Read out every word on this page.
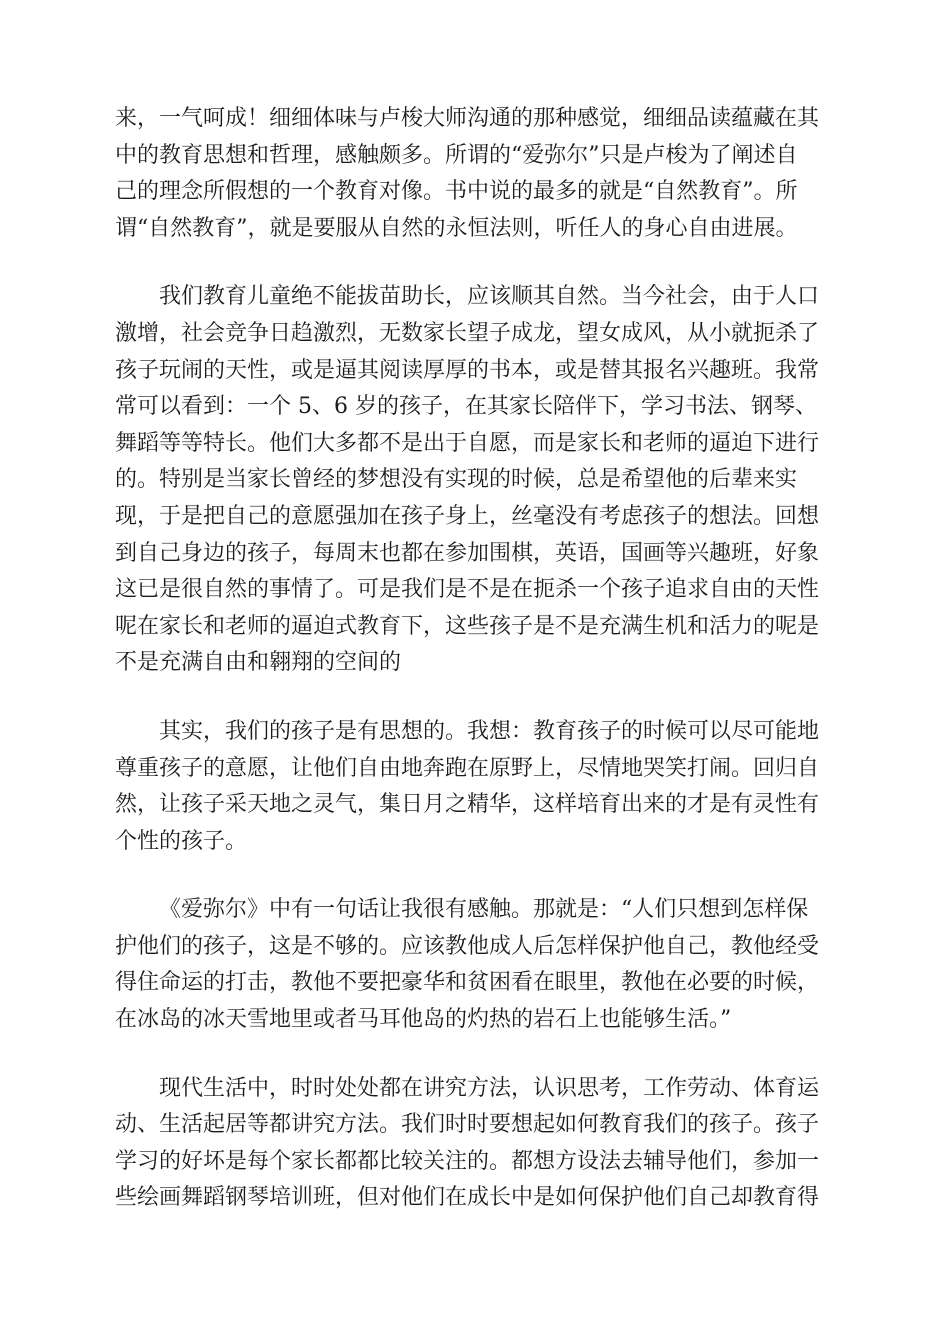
来，一气呵成！细细体味与卢梭大师沟通的那种感觉，细细品读蕴藏在其
中的教育思想和哲理，感触颇多。所谓的“爱弥尔”只是卢梭为了阐述自
己的理念所假想的一个教育对像。书中说的最多的就是“自然教育”。所
谓“自然教育”，就是要服从自然的永恒法则，听任人的身心自由进展。
我们教育儿童绝不能拔苗助长，应该顺其自然。当今社会，由于人口
激增，社会竞争日趋激烈，无数家长望子成龙，望女成风，从小就扼杀了
孩子玩闹的天性，或是逼其阅读厚厚的书本，或是替其报名兴趣班。我常
常可以看到：一个 5、6 岁的孩子，在其家长陪伴下，学习书法、钢琴、
舞蹈等等特长。他们大多都不是出于自愿，而是家长和老师的逼迫下进行
的。特别是当家长曾经的梦想没有实现的时候，总是希望他的后辈来实
现，于是把自己的意愿强加在孩子身上，丝毫没有考虑孩子的想法。回想
到自己身边的孩子，每周末也都在参加围棋，英语，国画等兴趣班，好象
这已是很自然的事情了。可是我们是不是在扼杀一个孩子追求自由的天性
呢在家长和老师的逼迫式教育下，这些孩子是不是充满生机和活力的呢是
不是充满自由和翱翔的空间的
其实，我们的孩子是有思想的。我想：教育孩子的时候可以尽可能地
尊重孩子的意愿，让他们自由地奔跑在原野上，尽情地哭笑打闹。回归自
然，让孩子采天地之灵气，集日月之精华，这样培育出来的才是有灵性有
个性的孩子。
《爱弥尔》中有一句话让我很有感触。那就是：“人们只想到怎样保
护他们的孩子，这是不够的。应该教他成人后怎样保护他自己，教他经受
得住命运的打击，教他不要把豪华和贫困看在眼里，教他在必要的时候，
在冰岛的冰天雪地里或者马耳他岛的灼热的岩石上也能够生活。”
现代生活中，时时处处都在讲究方法，认识思考，工作劳动、体育运
动、生活起居等都讲究方法。我们时时要想起如何教育我们的孩子。孩子
学习的好坏是每个家长都都比较关注的。都想方设法去辅导他们，参加一
些绘画舞蹈钢琴培训班，但对他们在成长中是如何保护他们自己却教育得
